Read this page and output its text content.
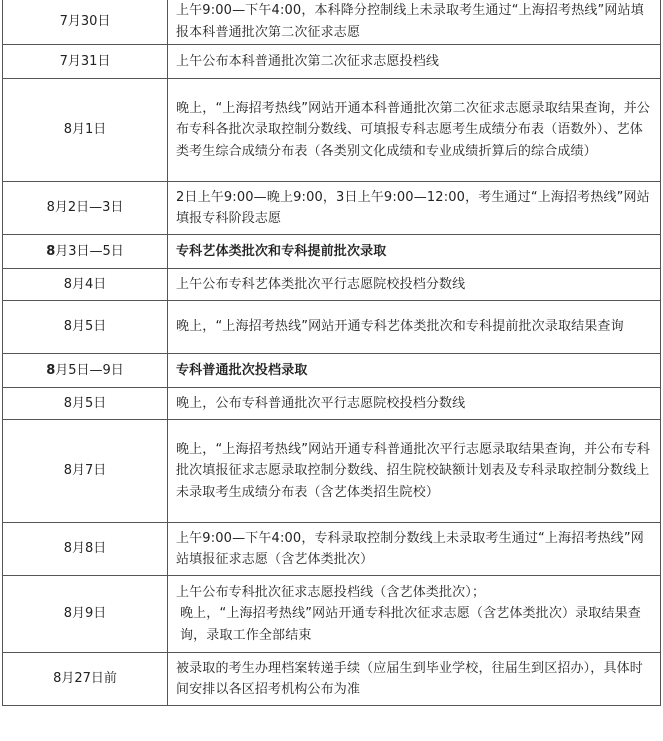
7月30日	上午9:00—下午4:00，本科降分控制线上未录取考生通过“上海招考热线”网站填报本科普通批次第二次征求志愿
7月31日	上午公布本科普通批次第二次征求志愿投档线
8月1日	晚上，“上海招考热线”网站开通本科普通批次第二次征求志愿录取结果查询，并公布专科各批次录取控制分数线、可填报专科志愿考生成绩分布表（语数外）、艺体类考生综合成绩分布表（各类别文化成绩和专业成绩折算后的综合成绩）
8月2日—3日	2日上午9:00—晚上9:00，3日上午9:00—12:00，考生通过“上海招考热线”网站填报专科阶段志愿
8月3日—5日	专科艺体类批次和专科提前批次录取
8月4日	上午公布专科艺体类批次平行志愿院校投档分数线
8月5日	晚上，“上海招考热线”网站开通专科艺体类批次和专科提前批次录取结果查询
8月5日—9日	专科普通批次投档录取
8月5日	晚上，公布专科普通批次平行志愿院校投档分数线
8月7日	晚上，“上海招考热线”网站开通专科普通批次平行志愿录取结果查询，并公布专科批次填报征求志愿录取控制分数线、招生院校缺额计划表及专科录取控制分数线上未录取考生成绩分布表（含艺体类招生院校）
8月8日	上午9:00—下午4:00，专科录取控制分数线上未录取考生通过“上海招考热线”网站填报征求志愿（含艺体类批次）
8月9日	上午公布专科批次征求志愿投档线（含艺体类批次）；
晚上，“上海招考热线”网站开通专科批次征求志愿（含艺体类批次）录取结果查询，录取工作全部结束

8月27日前	被录取的考生办理档案转递手续（应届生到毕业学校，往届生到区招办），具体时间安排以各区招考机构公布为准
